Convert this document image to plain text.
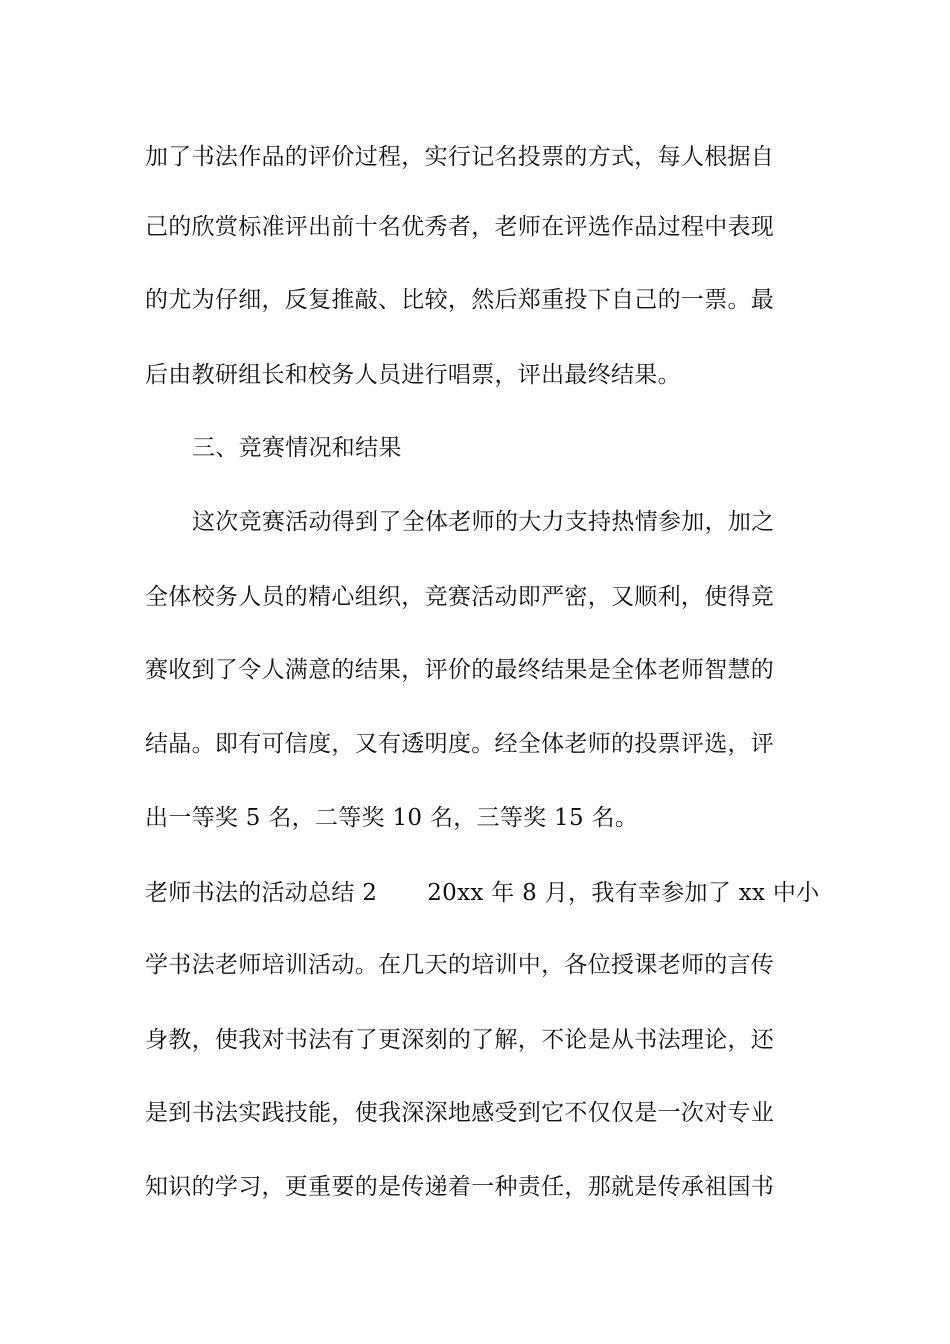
加了书法作品的评价过程，实行记名投票的方式，每人根据自
己的欣赏标准评出前十名优秀者，老师在评选作品过程中表现
的尤为仔细，反复推敲、比较，然后郑重投下自己的一票。最
后由教研组长和校务人员进行唱票，评出最终结果。
三、竞赛情况和结果
这次竞赛活动得到了全体老师的大力支持热情参加，加之
全体校务人员的精心组织，竞赛活动即严密，又顺利，使得竞
赛收到了令人满意的结果，评价的最终结果是全体老师智慧的
结晶。即有可信度，又有透明度。经全体老师的投票评选，评
出一等奖 5 名，二等奖 10 名，三等奖 15 名。
老师书法的活动总结 2 20xx 年 8 月，我有幸参加了 xx 中小
学书法老师培训活动。在几天的培训中，各位授课老师的言传
身教，使我对书法有了更深刻的了解，不论是从书法理论，还
是到书法实践技能，使我深深地感受到它不仅仅是一次对专业
知识的学习，更重要的是传递着一种责任，那就是传承祖国书
